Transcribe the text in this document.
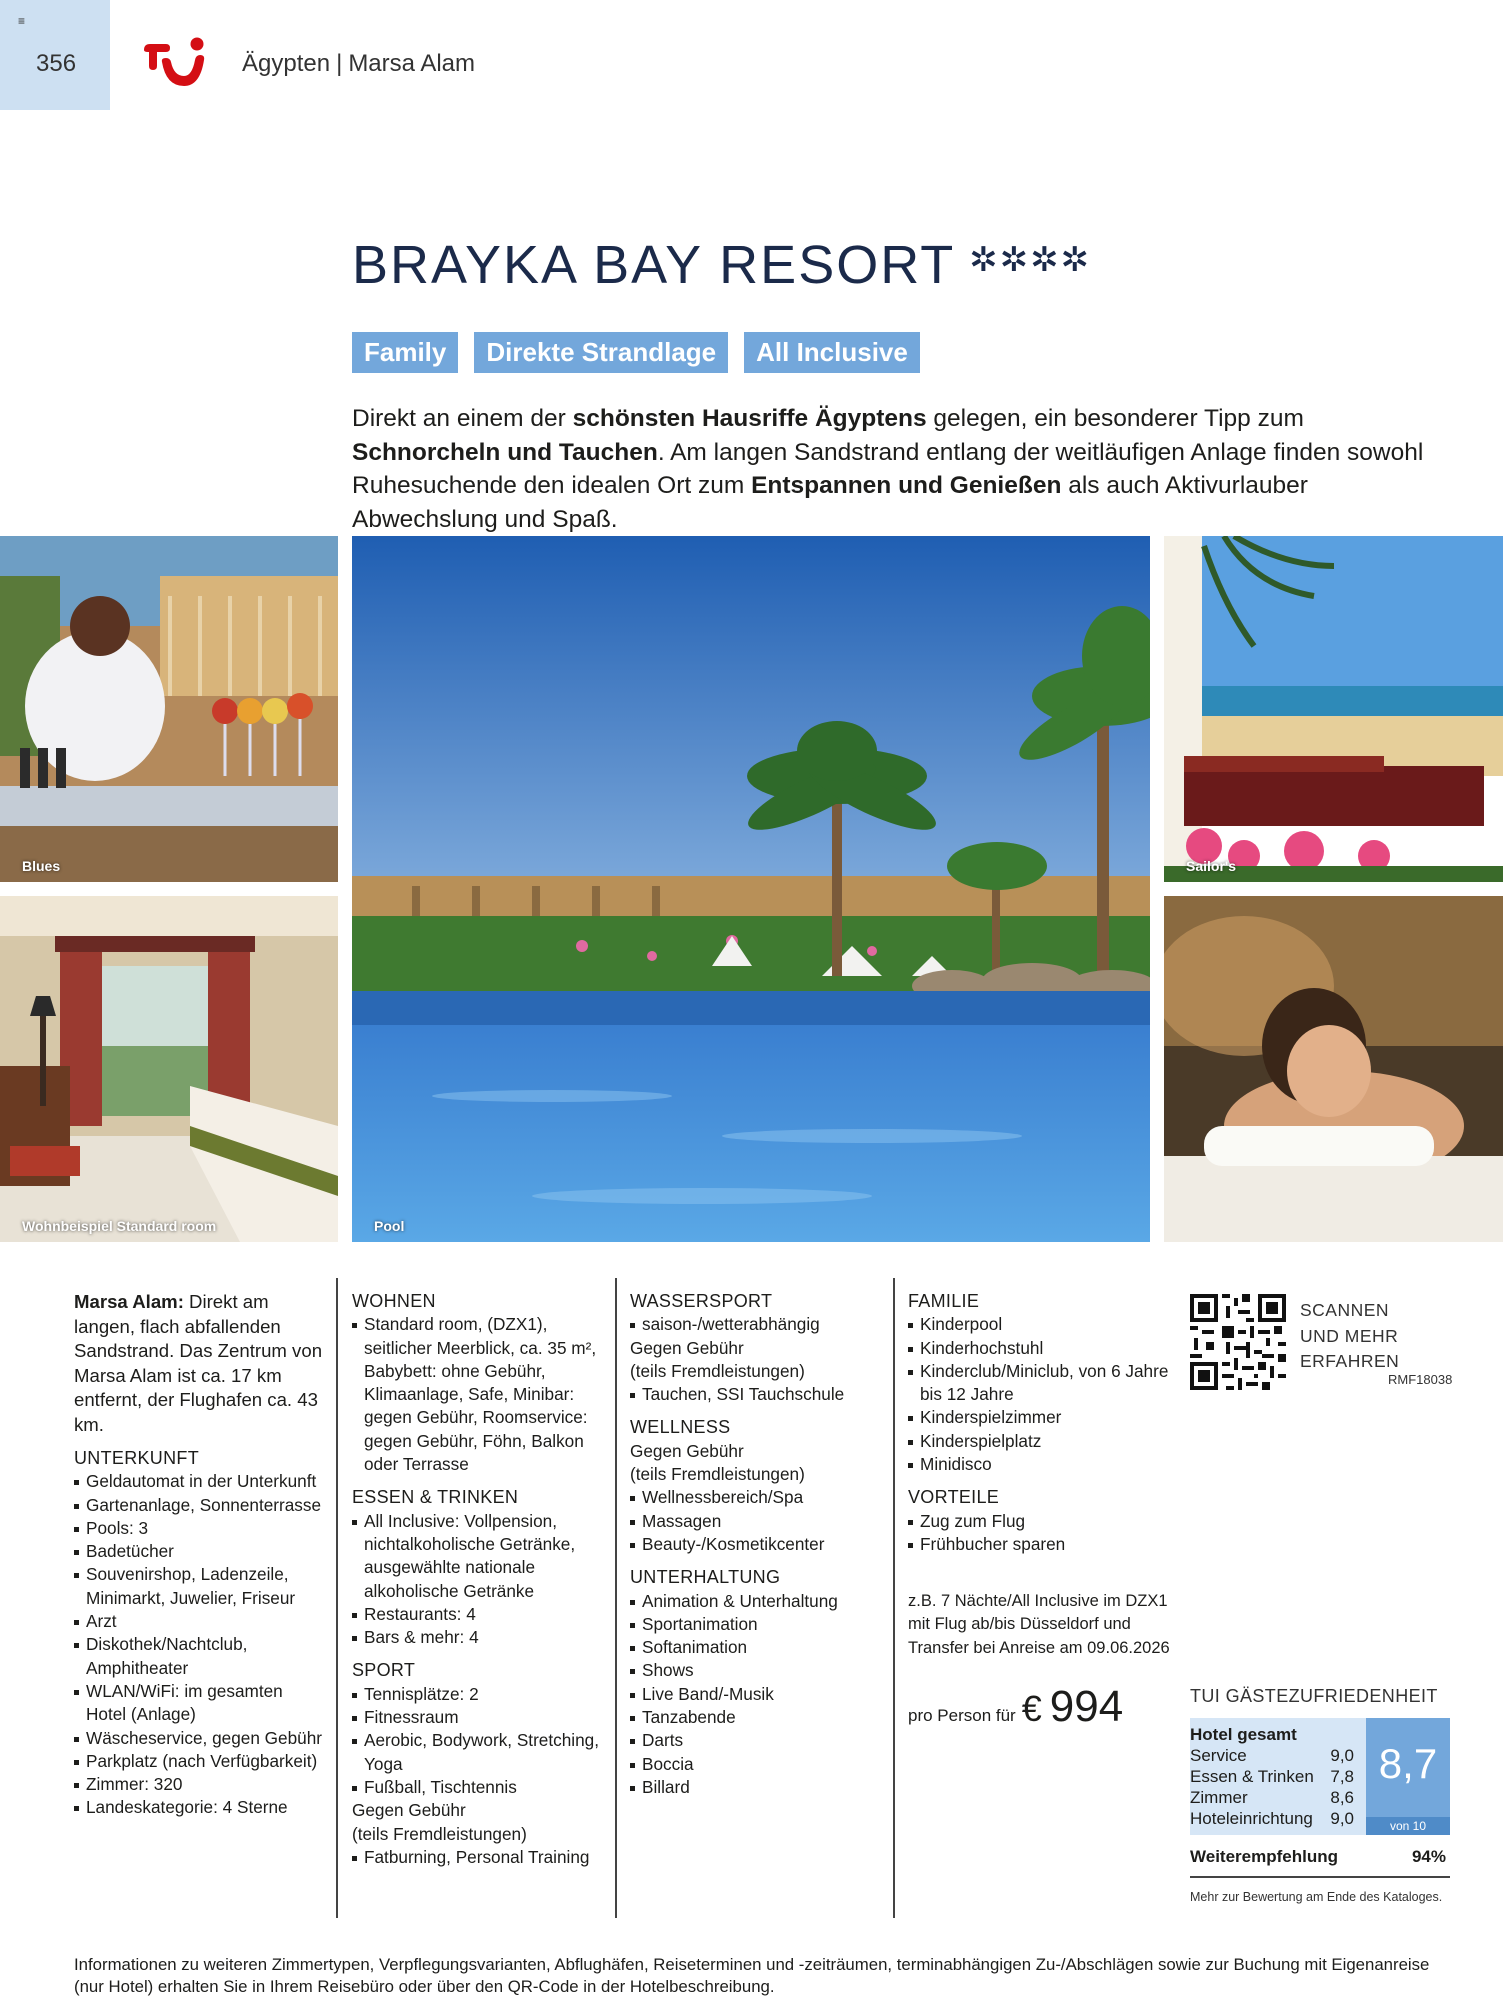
≡
356	Ägypten | Marsa Alam
BRAYKA BAY RESORT ✲✲✲✲
Family	Direkte Strandlage	All Inclusive
Direkt an einem der schönsten Hausriffe Ägyptens gelegen, ein besonderer Tipp zum Schnorcheln und Tauchen. Am langen Sandstrand entlang der weitläufigen Anlage finden sowohl Ruhesuchende den idealen Ort zum Entspannen und Genießen als auch Aktivurlauber Abwechslung und Spaß.
Blues
Wohnbeispiel Standard room	Pool
Sailor's
Marsa Alam: Direkt am langen, flach abfallenden Sandstrand. Das Zentrum von Marsa Alam ist ca. 17 km entfernt, der Flughafen ca. 43 km.
UNTERKUNFT
Geldautomat in der Unterkunft
Gartenanlage, Sonnenterrasse
Pools: 3
Badetücher
Souvenirshop, Ladenzeile, Minimarkt, Juwelier, Friseur
Arzt
Diskothek/Nachtclub, Amphitheater
WLAN/WiFi: im gesamten Hotel (Anlage)
Wäscheservice, gegen Gebühr
Parkplatz (nach Verfügbarkeit)
Zimmer: 320
Landeskategorie: 4 Sterne
WOHNEN
Standard room, (DZX1), seitlicher Meerblick, ca. 35 m², Babybett: ohne Gebühr, Klimaanlage, Safe, Minibar: gegen Gebühr, Roomservice: gegen Gebühr, Föhn, Balkon oder Terrasse
ESSEN & TRINKEN
All Inclusive: Vollpension, nichtalkoholische Getränke, ausgewählte nationale alkoholische Getränke
Restaurants: 4
Bars & mehr: 4
SPORT
Tennisplätze: 2
Fitnessraum
Aerobic, Bodywork, Stretching, Yoga
Fußball, Tischtennis
Gegen Gebühr
(teils Fremdleistungen)
Fatburning, Personal Training
WASSERSPORT
saison-/wetterabhängig
Gegen Gebühr
(teils Fremdleistungen)
Tauchen, SSI Tauchschule
WELLNESS
Gegen Gebühr
(teils Fremdleistungen)
Wellnessbereich/Spa
Massagen
Beauty-/Kosmetikcenter
UNTERHALTUNG
Animation & Unterhaltung
Sportanimation
Softanimation
Shows
Live Band/-Musik
Tanzabende
Darts
Boccia
Billard
FAMILIE
Kinderpool
Kinderhochstuhl
Kinderclub/Miniclub, von 6 Jahre bis 12 Jahre
Kinderspielzimmer
Kinderspielplatz
Minidisco
VORTEILE
Zug zum Flug
Frühbucher sparen
z.B. 7 Nächte/All Inclusive im DZX1 mit Flug ab/bis Düsseldorf und Transfer bei Anreise am 09.06.2026
pro Person für € 994
SCANNEN
UND MEHR
ERFAHREN
RMF18038
TUI GÄSTEZUFRIEDENHEIT
Hotel gesamt
Service	9,0
Essen & Trinken 7,8
Zimmer	8,6
Hoteleinrichtung 9,0
8,7
von 10
Weiterempfehlung	94%
Mehr zur Bewertung am Ende des Kataloges.
Informationen zu weiteren Zimmertypen, Verpflegungsvarianten, Abflughäfen, Reiseterminen und -zeiträumen, terminabhängigen Zu-/Abschlägen sowie zur Buchung mit Eigenanreise (nur Hotel) erhalten Sie in Ihrem Reisebüro oder über den QR-Code in der Hotelbeschreibung.
